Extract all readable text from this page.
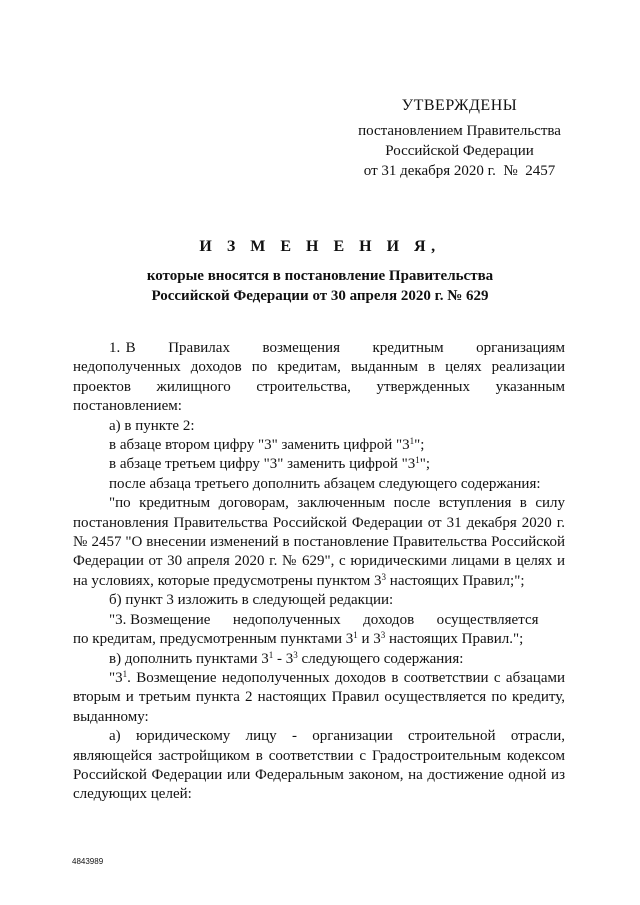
УТВЕРЖДЕНЫ
постановлением Правительства
Российской Федерации
от 31 декабря 2020 г.  №  2457
И З М Е Н Е Н И Я,
которые вносятся в постановление Правительства
Российской Федерации от 30 апреля 2020 г. № 629

1. В      Правилах      возмещения      кредитным      организациям

недополученных доходов по кредитам, выданным в целях реализации

проектов      жилищного      строительства,      утвержденных      указанным

постановлением:

а) в пункте 2:

в абзаце втором цифру "3" заменить цифрой "$3^1$";

в абзаце третьем цифру "3" заменить цифрой "$3^1$";

после абзаца третьего дополнить абзацем следующего содержания:

"по кредитным договорам, заключенным после вступления в силу постановления Правительства Российской Федерации от 31 декабря 2020 г. № 2457 "О внесении изменений в постановление Правительства Российской Федерации от 30 апреля 2020 г. № 629", с юридическими лицами в целях и на условиях, которые предусмотрены пунктом $3^3$ настоящих Правил;";

б) пункт 3 изложить в следующей редакции:

"3. Возмещение      недополученных      доходов      осуществляется

по кредитам, предусмотренным пунктами $3^1$ и $3^3$ настоящих Правил.";

в) дополнить пунктами $3^1 - 3^3$ следующего содержания:

"$3^1$. Возмещение недополученных доходов в соответствии с абзацами вторым и третьим пункта 2 настоящих Правил осуществляется по кредиту, выданному:

а) юридическому лицу - организации строительной отрасли, являющейся застройщиком в соответствии с Градостроительным кодексом Российской Федерации или Федеральным законом, на достижение одной из следующих целей:

4843989
